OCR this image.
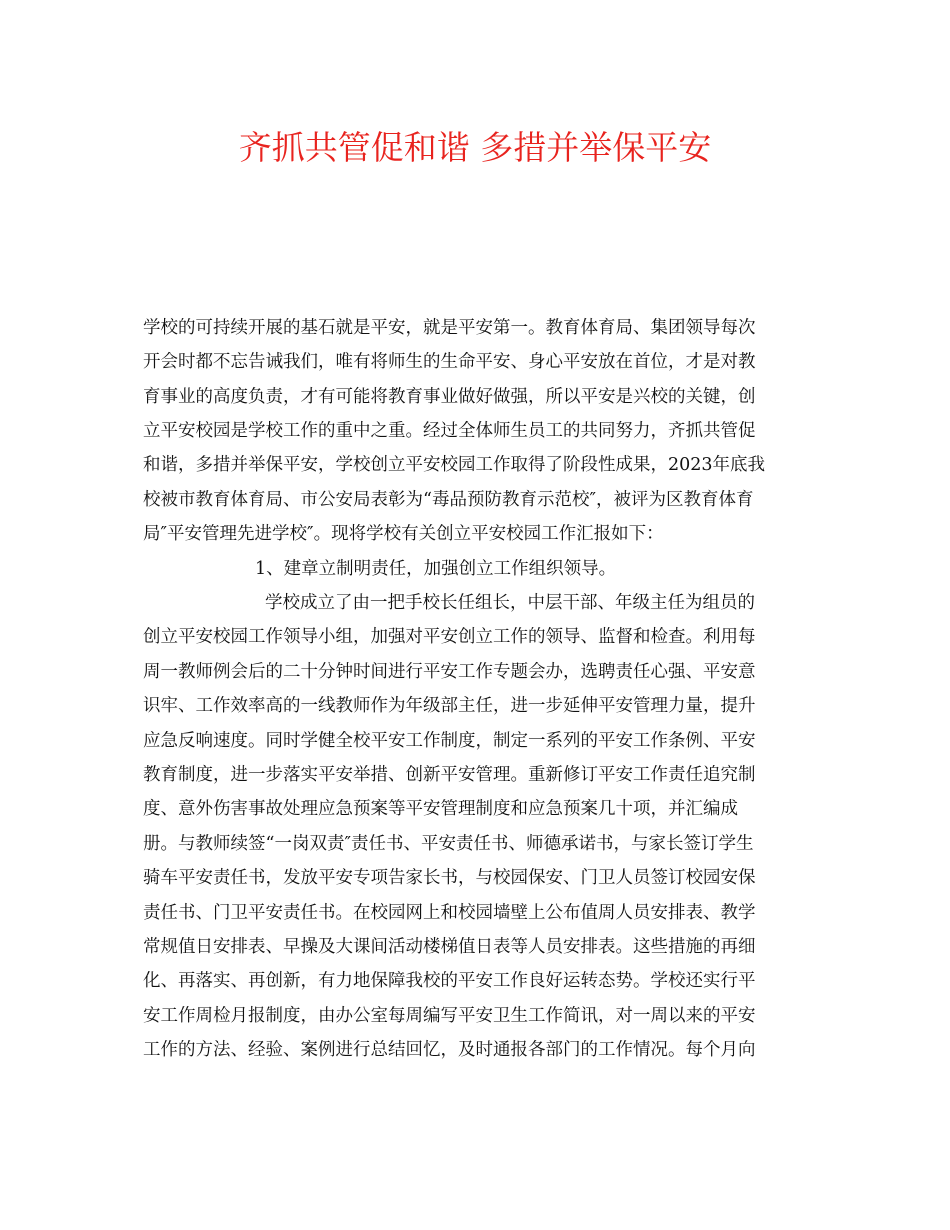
齐抓共管促和谐 多措并举保平安

学校的可持续开展的基石就是平安，就是平安第一。教育体育局、集团领导每次

开会时都不忘告诫我们，唯有将师生的生命平安、身心平安放在首位，才是对教

育事业的高度负责，才有可能将教育事业做好做强，所以平安是兴校的关键，创

立平安校园是学校工作的重中之重。经过全体师生员工的共同努力，齐抓共管促

和谐，多措并举保平安，学校创立平安校园工作取得了阶段性成果，2023年底我

校被市教育体育局、市公安局表彰为“毒品预防教育示范校″，被评为区教育体育

局″平安管理先进学校″。现将学校有关创立平安校园工作汇报如下：

1、建章立制明责任，加强创立工作组织领导。

学校成立了由一把手校长任组长，中层干部、年级主任为组员的

创立平安校园工作领导小组，加强对平安创立工作的领导、监督和检查。利用每

周一教师例会后的二十分钟时间进行平安工作专题会办，选聘责任心强、平安意

识牢、工作效率高的一线教师作为年级部主任，进一步延伸平安管理力量，提升

应急反响速度。同时学健全校平安工作制度，制定一系列的平安工作条例、平安

教育制度，进一步落实平安举措、创新平安管理。重新修订平安工作责任追究制

度、意外伤害事故处理应急预案等平安管理制度和应急预案几十项，并汇编成

册。与教师续签“一岗双责″责任书、平安责任书、师德承诺书，与家长签订学生

骑车平安责任书，发放平安专项告家长书，与校园保安、门卫人员签订校园安保

责任书、门卫平安责任书。在校园网上和校园墙壁上公布值周人员安排表、教学

常规值日安排表、早操及大课间活动楼梯值日表等人员安排表。这些措施的再细

化、再落实、再创新，有力地保障我校的平安工作良好运转态势。学校还实行平

安工作周检月报制度，由办公室每周编写平安卫生工作简讯，对一周以来的平安

工作的方法、经验、案例进行总结回忆，及时通报各部门的工作情况。每个月向
